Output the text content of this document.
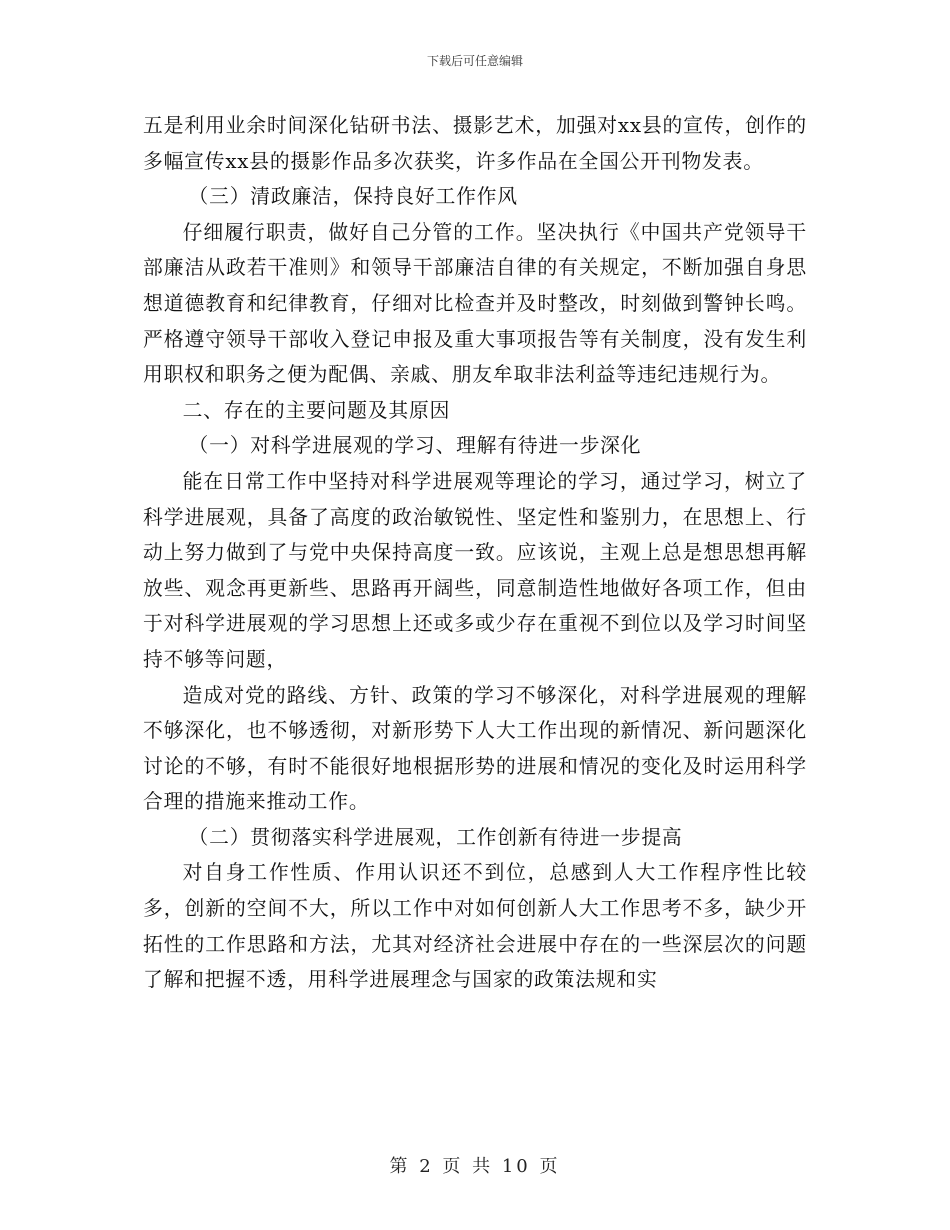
下载后可任意编辑

五是利用业余时间深化钻研书法、摄影艺术，加强对xx县的宣传，创作的多幅宣传xx县的摄影作品多次获奖，许多作品在全国公开刊物发表。

（三）清政廉洁，保持良好工作作风

仔细履行职责，做好自己分管的工作。坚决执行《中国共产党领导干部廉洁从政若干准则》和领导干部廉洁自律的有关规定，不断加强自身思想道德教育和纪律教育，仔细对比检查并及时整改，时刻做到警钟长鸣。严格遵守领导干部收入登记申报及重大事项报告等有关制度，没有发生利用职权和职务之便为配偶、亲戚、朋友牟取非法利益等违纪违规行为。

二、存在的主要问题及其原因

（一）对科学进展观的学习、理解有待进一步深化

能在日常工作中坚持对科学进展观等理论的学习，通过学习，树立了科学进展观，具备了高度的政治敏锐性、坚定性和鉴别力，在思想上、行动上努力做到了与党中央保持高度一致。应该说，主观上总是想思想再解放些、观念再更新些、思路再开阔些，同意制造性地做好各项工作，但由于对科学进展观的学习思想上还或多或少存在重视不到位以及学习时间坚持不够等问题，

造成对党的路线、方针、政策的学习不够深化，对科学进展观的理解不够深化，也不够透彻，对新形势下人大工作出现的新情况、新问题深化讨论的不够，有时不能很好地根据形势的进展和情况的变化及时运用科学合理的措施来推动工作。

（二）贯彻落实科学进展观，工作创新有待进一步提高

对自身工作性质、作用认识还不到位，总感到人大工作程序性比较多，创新的空间不大，所以工作中对如何创新人大工作思考不多，缺少开拓性的工作思路和方法，尤其对经济社会进展中存在的一些深层次的问题了解和把握不透，用科学进展理念与国家的政策法规和实

第 2 页 共 10 页
